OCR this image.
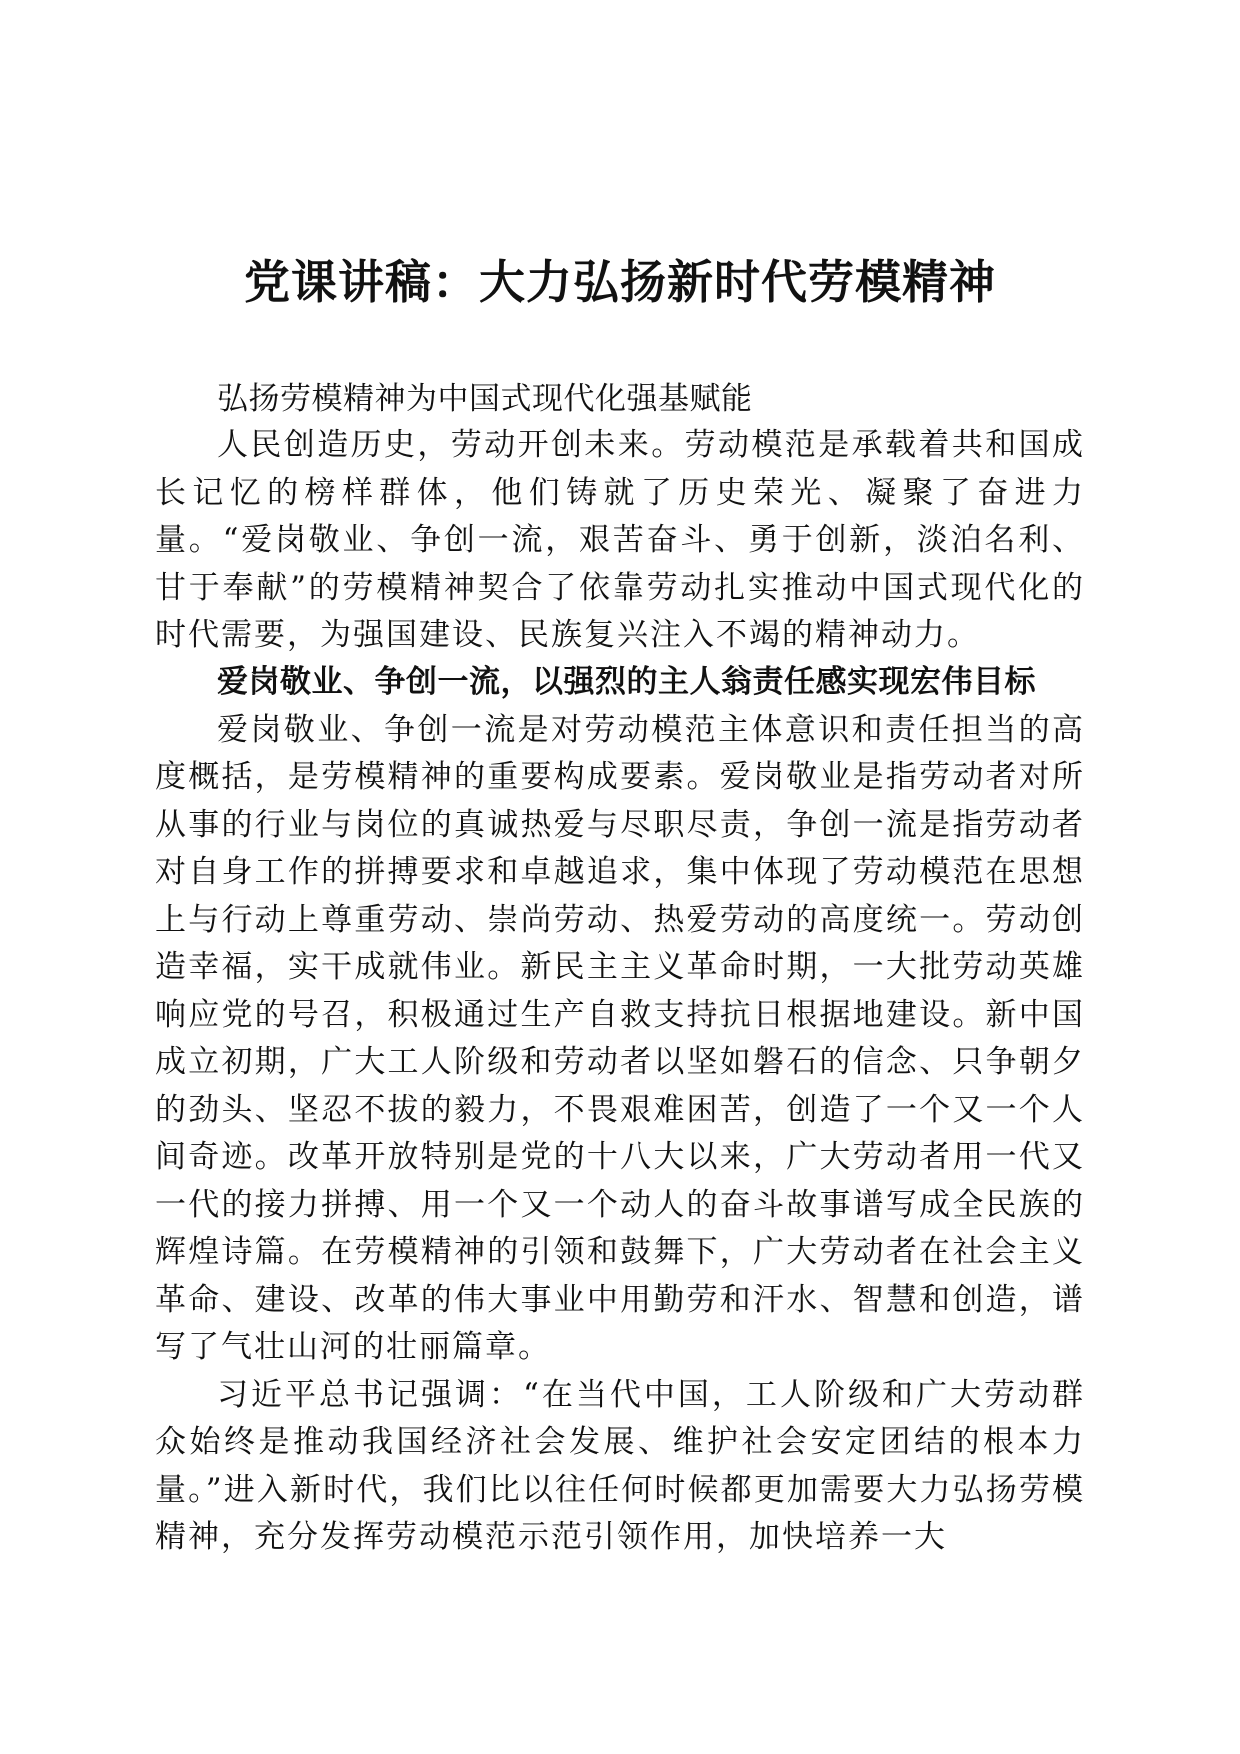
党课讲稿：大力弘扬新时代劳模精神

弘扬劳模精神为中国式现代化强基赋能

人民创造历史，劳动开创未来。劳动模范是承载着共和国成长记忆的榜样群体，他们铸就了历史荣光、凝聚了奋进力量。“爱岗敬业、争创一流，艰苦奋斗、勇于创新，淡泊名利、甘于奉献”的劳模精神契合了依靠劳动扎实推动中国式现代化的时代需要，为强国建设、民族复兴注入不竭的精神动力。

爱岗敬业、争创一流，以强烈的主人翁责任感实现宏伟目标

爱岗敬业、争创一流是对劳动模范主体意识和责任担当的高度概括，是劳模精神的重要构成要素。爱岗敬业是指劳动者对所从事的行业与岗位的真诚热爱与尽职尽责，争创一流是指劳动者对自身工作的拼搏要求和卓越追求，集中体现了劳动模范在思想上与行动上尊重劳动、崇尚劳动、热爱劳动的高度统一。劳动创造幸福，实干成就伟业。新民主主义革命时期，一大批劳动英雄响应党的号召，积极通过生产自救支持抗日根据地建设。新中国成立初期，广大工人阶级和劳动者以坚如磐石的信念、只争朝夕的劲头、坚忍不拔的毅力，不畏艰难困苦，创造了一个又一个人间奇迹。改革开放特别是党的十八大以来，广大劳动者用一代又一代的接力拼搏、用一个又一个动人的奋斗故事谱写成全民族的辉煌诗篇。在劳模精神的引领和鼓舞下，广大劳动者在社会主义革命、建设、改革的伟大事业中用勤劳和汗水、智慧和创造，谱写了气壮山河的壮丽篇章。

习近平总书记强调：“在当代中国，工人阶级和广大劳动群众始终是推动我国经济社会发展、维护社会安定团结的根本力量。”进入新时代，我们比以往任何时候都更加需要大力弘扬劳模精神，充分发挥劳动模范示范引领作用，加快培养一大
